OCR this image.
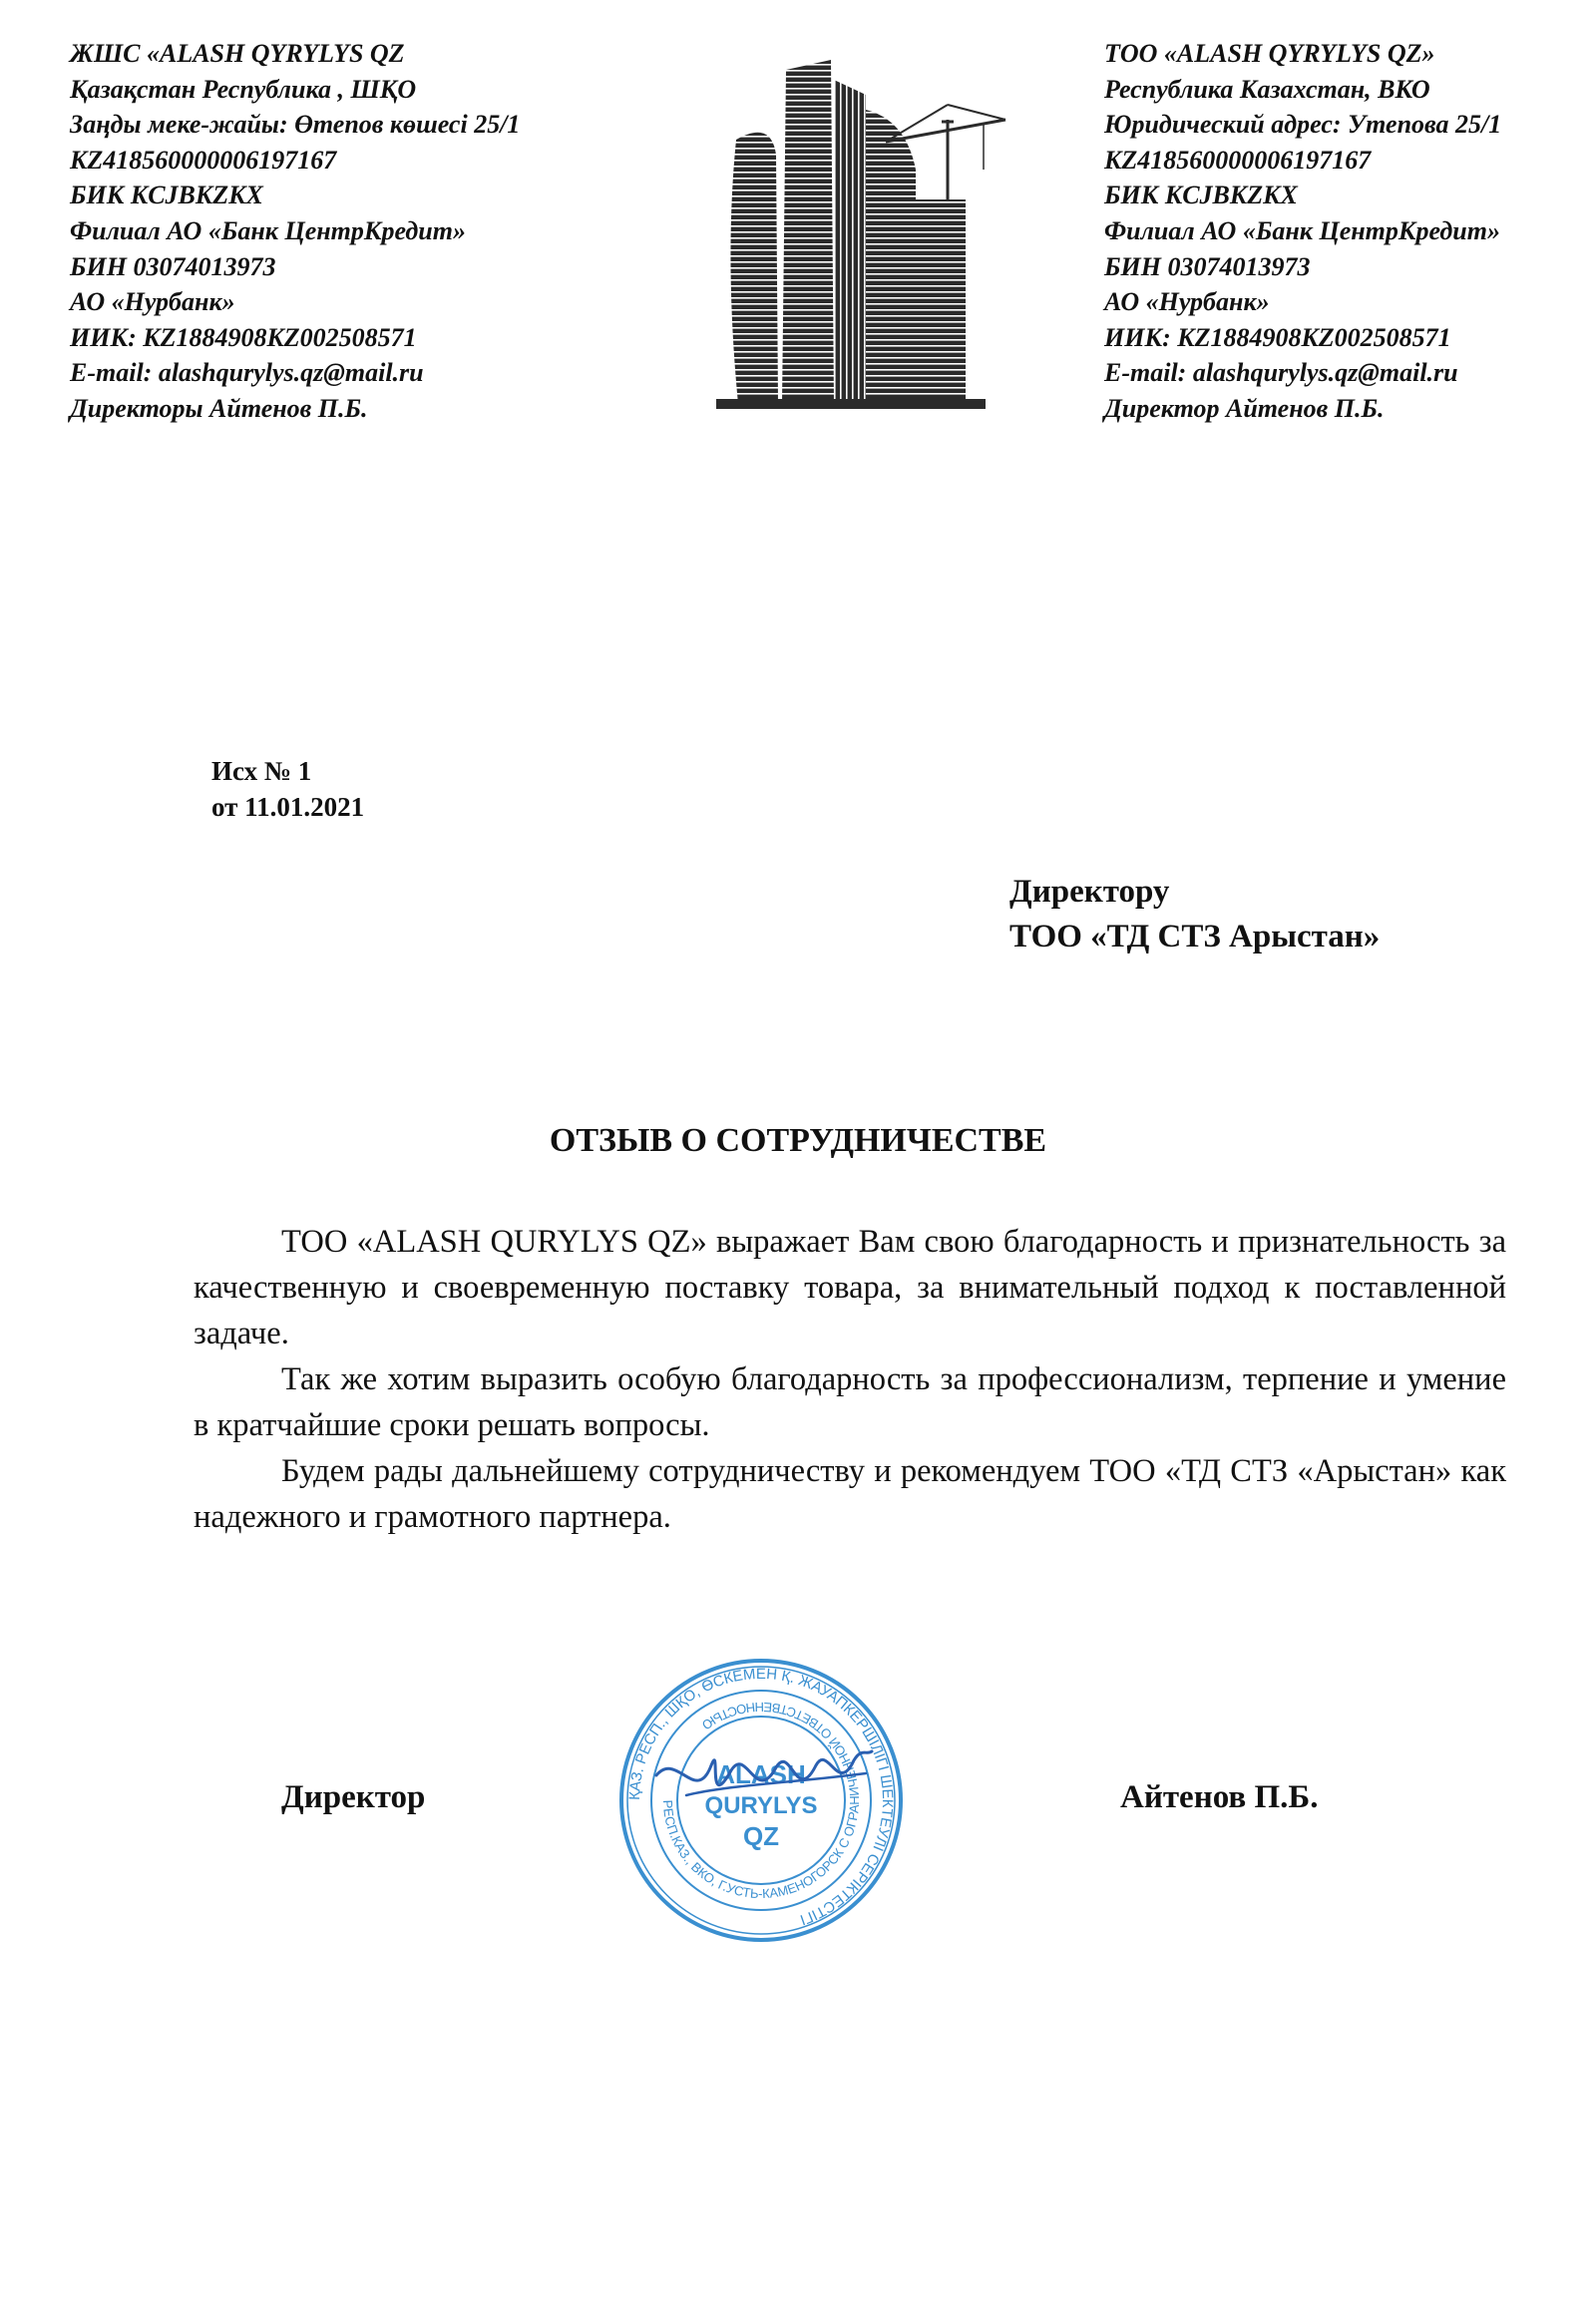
ЖШС «ALASH QYRYLYS QZ
Қазақстан Республика , ШҚО
Заңды меке-жайы: Өтепов көшесі 25/1
KZ418560000006197167
БИК KCJBKZKX
Филиал АО «Банк ЦентрКредит»
БИН 03074013973
АО «Нурбанк»
ИИК: KZ1884908KZ002508571
E-mail: alashqurylys.qz@mail.ru
Директоры Айтенов П.Б.
ТОО «ALASH QYRYLYS QZ»
Республика Казахстан, ВКО
Юридический адрес: Утепова 25/1
KZ418560000006197167
БИК KCJBKZKX
Филиал АО «Банк ЦентрКредит»
БИН 03074013973
АО «Нурбанк»
ИИК: KZ1884908KZ002508571
E-mail: alashqurylys.qz@mail.ru
Директор Айтенов П.Б.
Исх № 1
от 11.01.2021
Директору
ТОО «ТД СТЗ Арыстан»
ОТЗЫВ О СОТРУДНИЧЕСТВЕ

ТОО «ALASH QURYLYS QZ» выражает Вам свою благодарность и признательность за качественную и своевременную поставку товара, за внимательный подход к поставленной задаче.

Так же хотим выразить особую благодарность за профессионализм, терпение и умение в кратчайшие сроки решать вопросы.

Будем рады дальнейшему сотрудничеству и рекомендуем ТОО «ТД СТЗ «Арыстан» как надежного и грамотного партнера.

Директор	Айтенов П.Б.
ҚАЗ. РЕСП., ШҚО, ӨСКЕМЕН Қ. ЖАУАПКЕРШІЛІГІ ШЕКТЕУЛІ СЕРІКТЕСТІГІ
РЕСП.КАЗ., ВКО, Г.УСТЬ-КАМЕНОГОРСК С ОГРАНИЧЕННОЙ ОТВЕТСТВЕННОСТЬЮ
ALASH
QURYLYS
QZ
